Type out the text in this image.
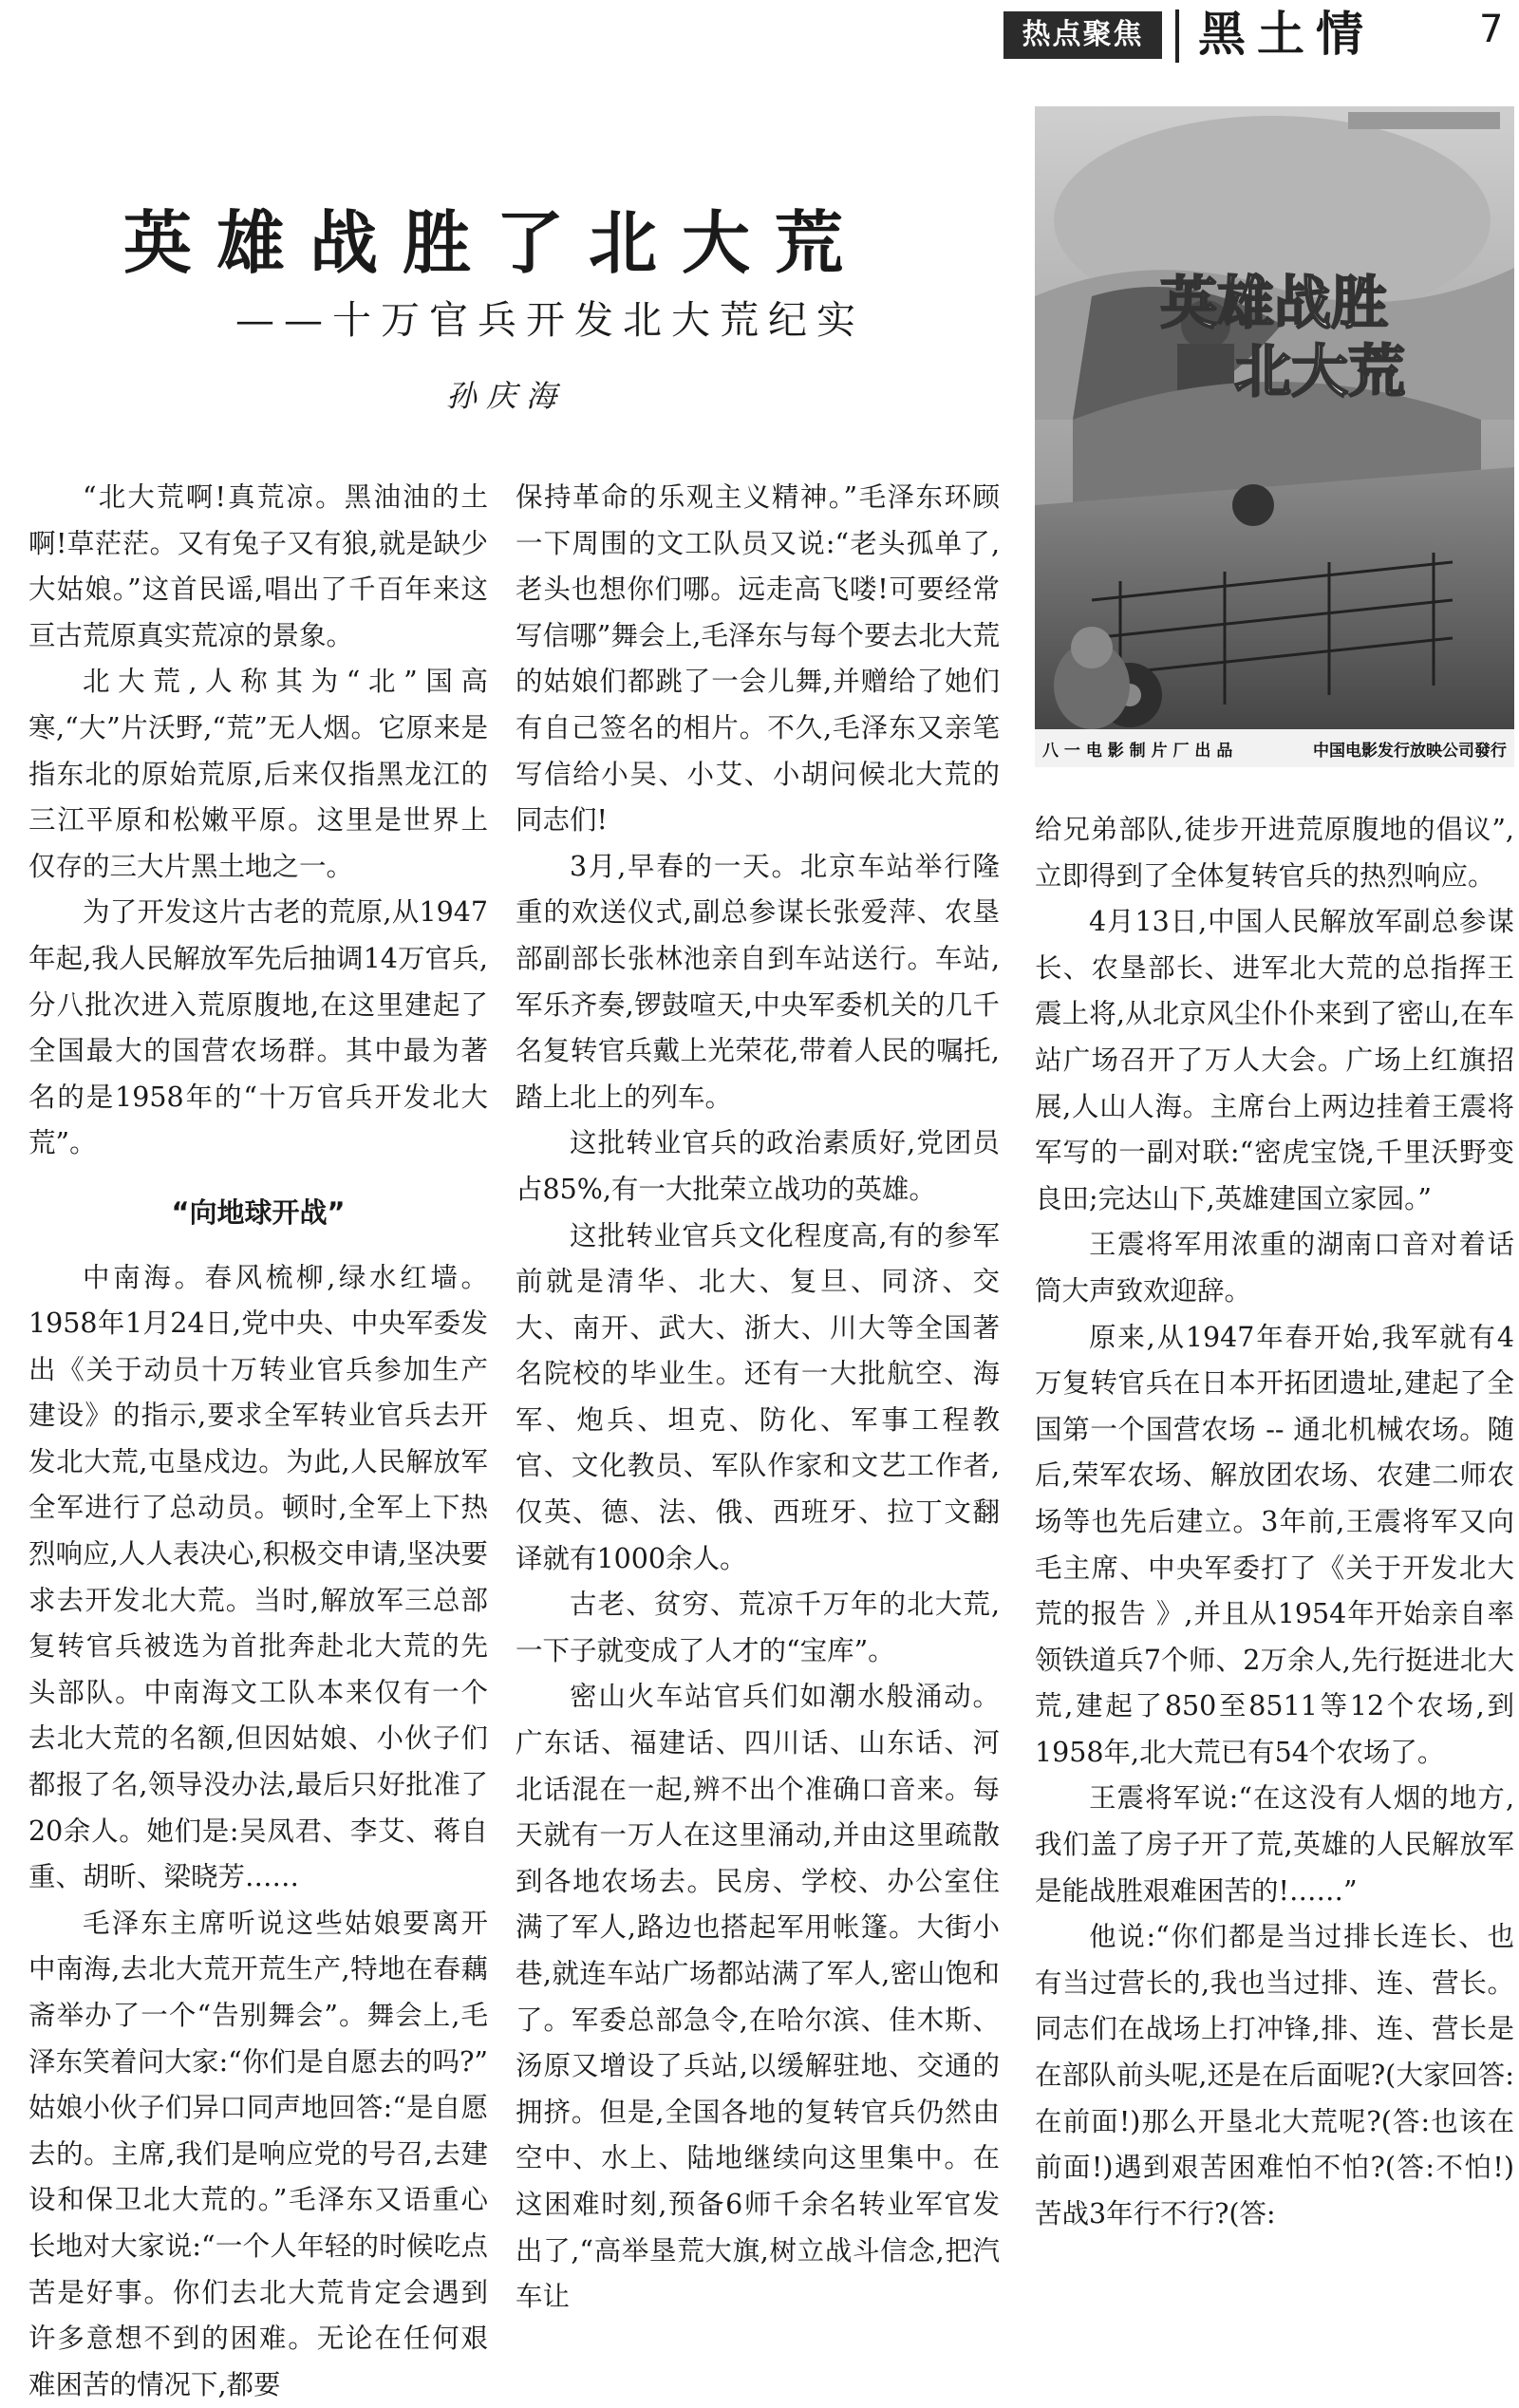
热点聚焦	黑土情	7
英雄战胜了北大荒
——十万官兵开发北大荒纪实
孙庆海
英雄战胜
北大荒
八 一 电 影 制 片 厂 出 品	中国电影发行放映公司發行

“北大荒啊!真荒凉。黑油油的土啊!草茫茫。又有兔子又有狼,就是缺少大姑娘。”这首民谣,唱出了千百年来这亘古荒原真实荒凉的景象。

北大荒,人称其为“北”国高寒,“大”片沃野,“荒”无人烟。它原来是指东北的原始荒原,后来仅指黑龙江的三江平原和松嫩平原。这里是世界上仅存的三大片黑土地之一。

为了开发这片古老的荒原,从1947年起,我人民解放军先后抽调14万官兵,分八批次进入荒原腹地,在这里建起了全国最大的国营农场群。其中最为著名的是1958年的“十万官兵开发北大荒”。

“向地球开战”

中南海。春风梳柳,绿水红墙。1958年1月24日,党中央、中央军委发出《关于动员十万转业官兵参加生产建设》的指示,要求全军转业官兵去开发北大荒,屯垦戍边。为此,人民解放军全军进行了总动员。顿时,全军上下热烈响应,人人表决心,积极交申请,坚决要求去开发北大荒。当时,解放军三总部复转官兵被选为首批奔赴北大荒的先头部队。中南海文工队本来仅有一个去北大荒的名额,但因姑娘、小伙子们都报了名,领导没办法,最后只好批准了20余人。她们是:吴凤君、李艾、蒋自重、胡昕、梁晓芳……

毛泽东主席听说这些姑娘要离开中南海,去北大荒开荒生产,特地在春藕斋举办了一个“告别舞会”。舞会上,毛泽东笑着问大家:“你们是自愿去的吗?” 姑娘小伙子们异口同声地回答:“是自愿去的。主席,我们是响应党的号召,去建设和保卫北大荒的。”毛泽东又语重心长地对大家说:“一个人年轻的时候吃点苦是好事。你们去北大荒肯定会遇到许多意想不到的困难。无论在任何艰难困苦的情况下,都要

保持革命的乐观主义精神。”毛泽东环顾一下周围的文工队员又说:“老头孤单了,老头也想你们哪。远走高飞喽!可要经常写信哪”舞会上,毛泽东与每个要去北大荒的姑娘们都跳了一会儿舞,并赠给了她们有自己签名的相片。不久,毛泽东又亲笔写信给小吴、小艾、小胡问候北大荒的同志们!

3月,早春的一天。北京车站举行隆重的欢送仪式,副总参谋长张爱萍、农垦部副部长张林池亲自到车站送行。车站,军乐齐奏,锣鼓喧天,中央军委机关的几千名复转官兵戴上光荣花,带着人民的嘱托,踏上北上的列车。

这批转业官兵的政治素质好,党团员占85%,有一大批荣立战功的英雄。

这批转业官兵文化程度高,有的参军前就是清华、北大、复旦、同济、交大、南开、武大、浙大、川大等全国著名院校的毕业生。还有一大批航空、海军、炮兵、坦克、防化、军事工程教官、文化教员、军队作家和文艺工作者,仅英、德、法、俄、西班牙、拉丁文翻译就有1000余人。

古老、贫穷、荒凉千万年的北大荒,一下子就变成了人才的“宝库”。

密山火车站官兵们如潮水般涌动。广东话、福建话、四川话、山东话、河北话混在一起,辨不出个准确口音来。每天就有一万人在这里涌动,并由这里疏散到各地农场去。民房、学校、办公室住满了军人,路边也搭起军用帐篷。大街小巷,就连车站广场都站满了军人,密山饱和了。军委总部急令,在哈尔滨、佳木斯、汤原又增设了兵站,以缓解驻地、交通的拥挤。但是,全国各地的复转官兵仍然由空中、水上、陆地继续向这里集中。在这困难时刻,预备6师千余名转业军官发出了,“高举垦荒大旗,树立战斗信念,把汽车让

给兄弟部队,徒步开进荒原腹地的倡议”,立即得到了全体复转官兵的热烈响应。

4月13日,中国人民解放军副总参谋长、农垦部长、进军北大荒的总指挥王震上将,从北京风尘仆仆来到了密山,在车站广场召开了万人大会。广场上红旗招展,人山人海。主席台上两边挂着王震将军写的一副对联:“密虎宝饶,千里沃野变良田;完达山下,英雄建国立家园。”

王震将军用浓重的湖南口音对着话筒大声致欢迎辞。

原来,从1947年春开始,我军就有4万复转官兵在日本开拓团遗址,建起了全国第一个国营农场 -- 通北机械农场。随后,荣军农场、解放团农场、农建二师农场等也先后建立。3年前,王震将军又向毛主席、中央军委打了《关于开发北大荒的报告 》,并且从1954年开始亲自率领铁道兵7个师、2万余人,先行挺进北大荒,建起了850至8511等12个农场,到1958年,北大荒已有54个农场了。

王震将军说:“在这没有人烟的地方,我们盖了房子开了荒,英雄的人民解放军是能战胜艰难困苦的!……”

他说:“你们都是当过排长连长、也有当过营长的,我也当过排、连、营长。同志们在战场上打冲锋,排、连、营长是在部队前头呢,还是在后面呢?(大家回答:在前面!)那么开垦北大荒呢?(答:也该在前面!)遇到艰苦困难怕不怕?(答:不怕!)苦战3年行不行?(答:
